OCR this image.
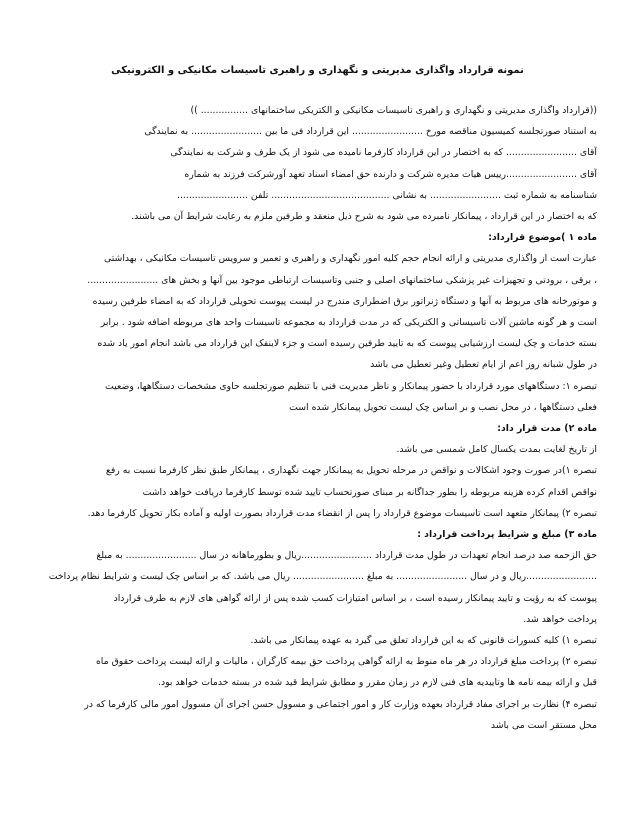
نمونه قرارداد واگذاری مدیریتی و نگهداری و راهبری تاسیسات مکانیکی و الکترونیکی

((قرارداد واگذاری مدیریتی و نگهداری و راهبری تاسیسات مکانیکی و الکتریکی ساختمانهای ................ ))

به استناد صورتجلسه کمیسیون مناقصه مورخ ........................ این قرارداد فی ما بین ........................ به نمایندگی

آقای ........................ که به اختصار در این قرارداد کارفرما نامیده می شود از یک طرف و شرکت به نمایندگی

آقای ........................رییس هیات مدیره شرکت و دارنده حق امضاء اسناد تعهد آورشرکت فرزند به شماره

شناسنامه به شماره ثبت ........................ به نشانی ........................................ تلفن ........................

که به اختصار در این قرارداد ، پیمانکار نامبرده می شود به شرح ذیل منعقد و طرفین ملزم به رعایت شرایط آن می باشند.

ماده ۱ )موضوع قرارداد:

عبارت است از واگذاری مدیریتی و ارائه انجام حجم کلیه امور نگهداری و راهبری و تعمیر و سرویس تاسیسات مکانیکی ، بهداشتی

، برقی ، برودتی و تجهیزات غیر پزشکی ساختمانهای اصلی و جنبی وتاسیسات ارتباطی موجود بین آنها و بخش های ........................

و موتورخانه های مربوط به آنها و دستگاه ژنراتور برق اضطراری مندرج در لیست پیوست تحویلی قرارداد که به امضاء طرفین رسیده

است و هر گونه ماشین آلات تاسیساتی و الکتریکی که در مدت قرارداد به مجموعه تاسیسات واحد های مربوطه اضافه شود . برابر

بسته خدمات و چک لیست ارزشیابی پیوست که به تایید طرفین رسیده است و جزء لاینفک این قرارداد می باشد انجام امور یاد شده

در طول شبانه روز اعم از ایام تعطیل وغیر تعطیل می باشد

تبصره ۱: دستگاههای مورد قرارداد با حضور پیمانکار و ناظر مدیریت فنی با تنظیم صورتجلسه حاوی مشخصات دستگاهها، وضعیت

فعلی دستگاهها ، در محل نصب و بر اساس چک لیست تحویل پیمانکار شده است

ماده ۲) مدت قرار داد:

از تاریخ لغایت بمدت یکسال کامل شمسی می باشد.

تبصره ۱)در صورت وجود اشکالات و نواقص در مرحله تحویل به پیمانکار جهت نگهداری ، پیمانکار طبق نظر کارفرما نسبت به رفع

نواقص اقدام کرده هزینه مربوطه را بطور جداگانه بر مبنای صورتحساب تایید شده توسط کارفرما دریافت خواهد داشت

تبصره ۲) پیمانکار متعهد است تاسیسات موضوع قرارداد را پس از انقضاء مدت قرارداد بصورت اولیه و آماده بکار تحویل کارفرما دهد.

ماده ۳) مبلغ و شرایط پرداخت قرارداد :

حق الزحمه صد درصد انجام تعهدات در طول مدت قرارداد ........................ریال و بطورماهانه در سال ........................ به مبلغ

........................ریال و در سال ........................ به مبلغ ........................ ریال می باشد. که بر اساس چک لیست و شرایط نظام پرداخت

پیوست که به رؤیت و تایید پیمانکار رسیده است ، بر اساس امتیازات کسب شده پس از ارائه گواهی های لازم به طرف قرارداد

پرداخت خواهد شد.

تبصره ۱) کلیه کسورات قانونی که به این قرارداد تعلق می گیرد به عهده پیمانکار می باشد.

تبصره ۲) پرداخت مبلغ قرارداد در هر ماه منوط به ارائه گواهی پرداخت حق بیمه کارگران ، مالیات و ارائه لیست پرداخت حقوق ماه

قبل و ارائه بیمه نامه ها وتاییدیه های فنی لازم در زمان مقرر و مطابق شرایط قید شده در بسته خدمات خواهد بود.

تبصره ۴) نظارت بر اجرای مفاد قرارداد بعهده وزارت کار و امور اجتماعی و مسوول حسن اجرای آن مسوول امور مالی کارفرما که در

محل مستقر است می باشد
